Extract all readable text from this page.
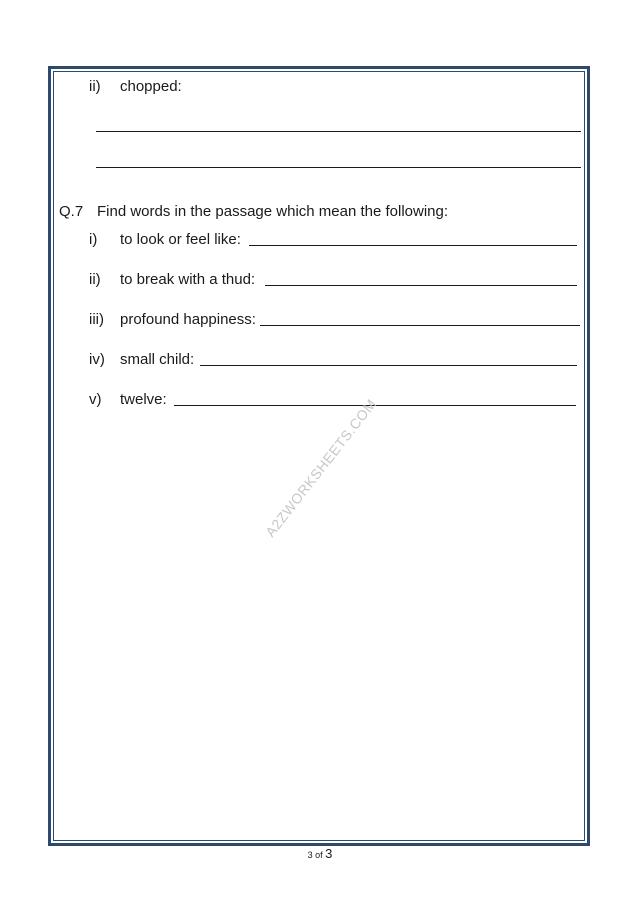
ii) chopped:
Q.7 Find words in the passage which mean the following:
i) to look or feel like:
ii) to break with a thud:
iii) profound happiness:
iv) small child:
v) twelve:	A2ZWORKSHEETS.COM
3 of 3
